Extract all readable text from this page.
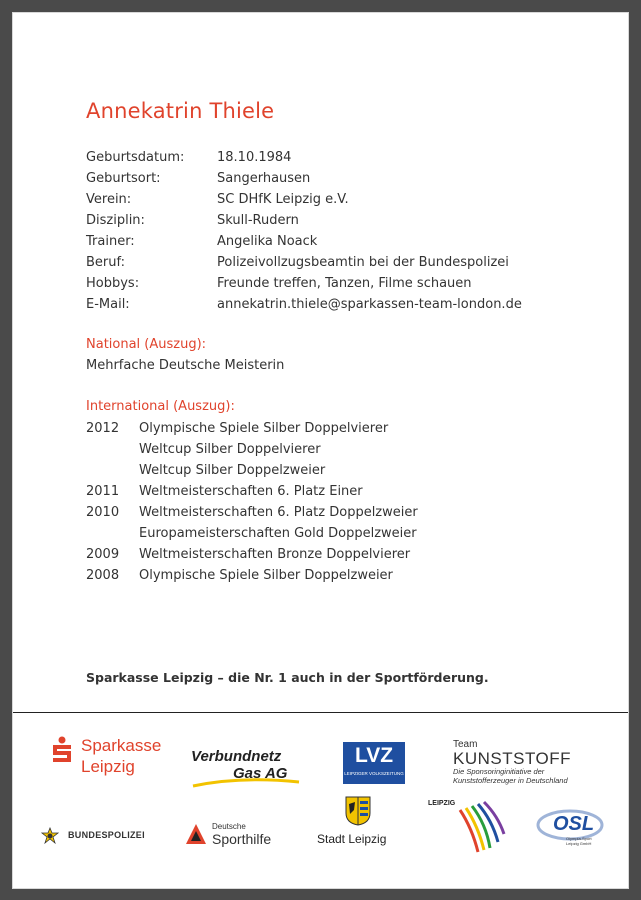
Annekatrin Thiele
Geburtsdatum:	18.10.1984
Geburtsort:	Sangerhausen
Verein:	SC DHfK Leipzig e.V.
Disziplin:	Skull-Rudern
Trainer:	Angelika Noack
Beruf:	Polizeivollzugsbeamtin bei der Bundespolizei
Hobbys:	Freunde treffen, Tanzen, Filme schauen
E-Mail:	annekatrin.thiele@sparkassen-team-london.de
National (Auszug):
Mehrfache Deutsche Meisterin
International (Auszug):
2012 Olympische Spiele Silber Doppelvierer
Weltcup Silber Doppelvierer
Weltcup Silber Doppelzweier
2011 Weltmeisterschaften 6. Platz Einer
2010 Weltmeisterschaften 6. Platz Doppelzweier
Europameisterschaften Gold Doppelzweier
2009 Weltmeisterschaften Bronze Doppelvierer
2008 Olympische Spiele Silber Doppelzweier
Sparkasse Leipzig – die Nr. 1 auch in der Sportförderung.
Sparkasse
Leipzig
Verbundnetz
Gas AG
LVZ
LEIPZIGER VOLKSZEITUNG
Team
KUNSTSTOFF
Die Sponsoringinitiative der
Kunststofferzeuger in Deutschland
BUNDESPOLIZEI
Deutsche
Sporthilfe	Stadt Leipzig
LEIPZIG
OSL
Olympia-Sport
Leipzig GmbH
